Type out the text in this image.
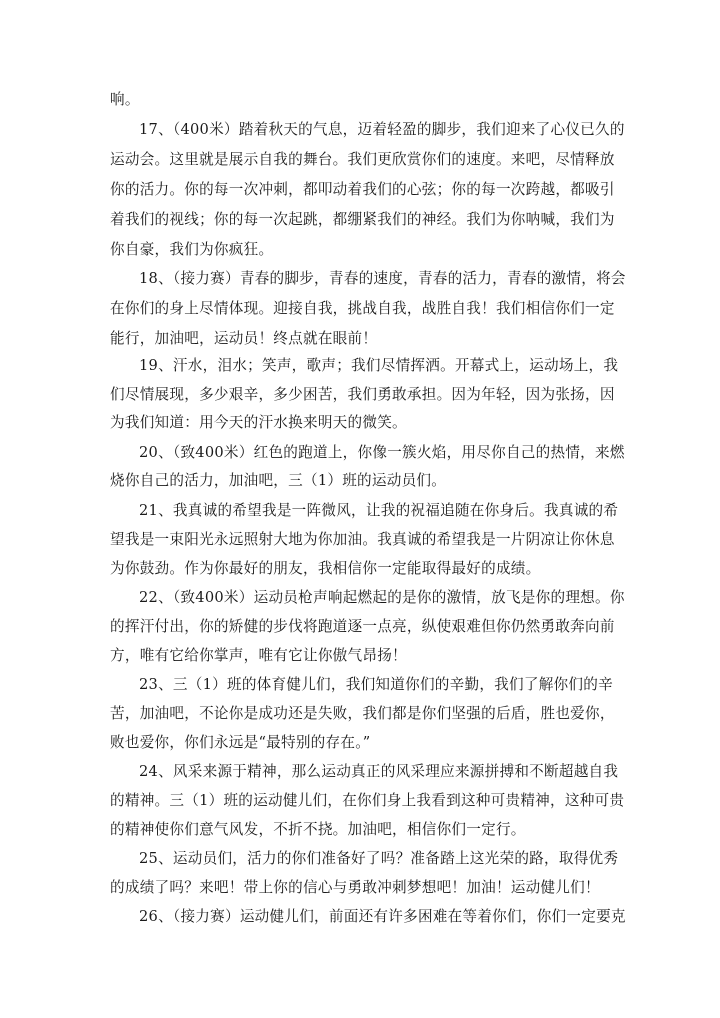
响。
17、（400米）踏着秋天的气息，迈着轻盈的脚步，我们迎来了心仪已久的
运动会。这里就是展示自我的舞台。我们更欣赏你们的速度。来吧，尽情释放
你的活力。你的每一次冲刺，都叩动着我们的心弦；你的每一次跨越，都吸引
着我们的视线；你的每一次起跳，都绷紧我们的神经。我们为你呐喊，我们为
你自豪，我们为你疯狂。
18、（接力赛）青春的脚步，青春的速度，青春的活力，青春的激情，将会
在你们的身上尽情体现。迎接自我，挑战自我，战胜自我！我们相信你们一定
能行，加油吧，运动员！终点就在眼前！
19、汗水，泪水；笑声，歌声；我们尽情挥洒。开幕式上，运动场上，我
们尽情展现，多少艰辛，多少困苦，我们勇敢承担。因为年轻，因为张扬，因
为我们知道：用今天的汗水换来明天的微笑。
20、（致400米）红色的跑道上，你像一簇火焰，用尽你自己的热情，来燃
烧你自己的活力，加油吧，三（1）班的运动员们。
21、我真诚的希望我是一阵微风，让我的祝福追随在你身后。我真诚的希
望我是一束阳光永远照射大地为你加油。我真诚的希望我是一片阴凉让你休息
为你鼓劲。作为你最好的朋友，我相信你一定能取得最好的成绩。
22、（致400米）运动员枪声响起燃起的是你的激情，放飞是你的理想。你
的挥汗付出，你的矫健的步伐将跑道逐一点亮，纵使艰难但你仍然勇敢奔向前
方，唯有它给你掌声，唯有它让你傲气昂扬！
23、三（1）班的体育健儿们，我们知道你们的辛勤，我们了解你们的辛
苦，加油吧，不论你是成功还是失败，我们都是你们坚强的后盾，胜也爱你，
败也爱你，你们永远是“最特别的存在。”
24、风采来源于精神，那么运动真正的风采理应来源拼搏和不断超越自我
的精神。三（1）班的运动健儿们，在你们身上我看到这种可贵精神，这种可贵
的精神使你们意气风发，不折不挠。加油吧，相信你们一定行。
25、运动员们，活力的你们准备好了吗？准备踏上这光荣的路，取得优秀
的成绩了吗？来吧！带上你的信心与勇敢冲刺梦想吧！加油！运动健儿们！
26、（接力赛）运动健儿们，前面还有许多困难在等着你们，你们一定要克
